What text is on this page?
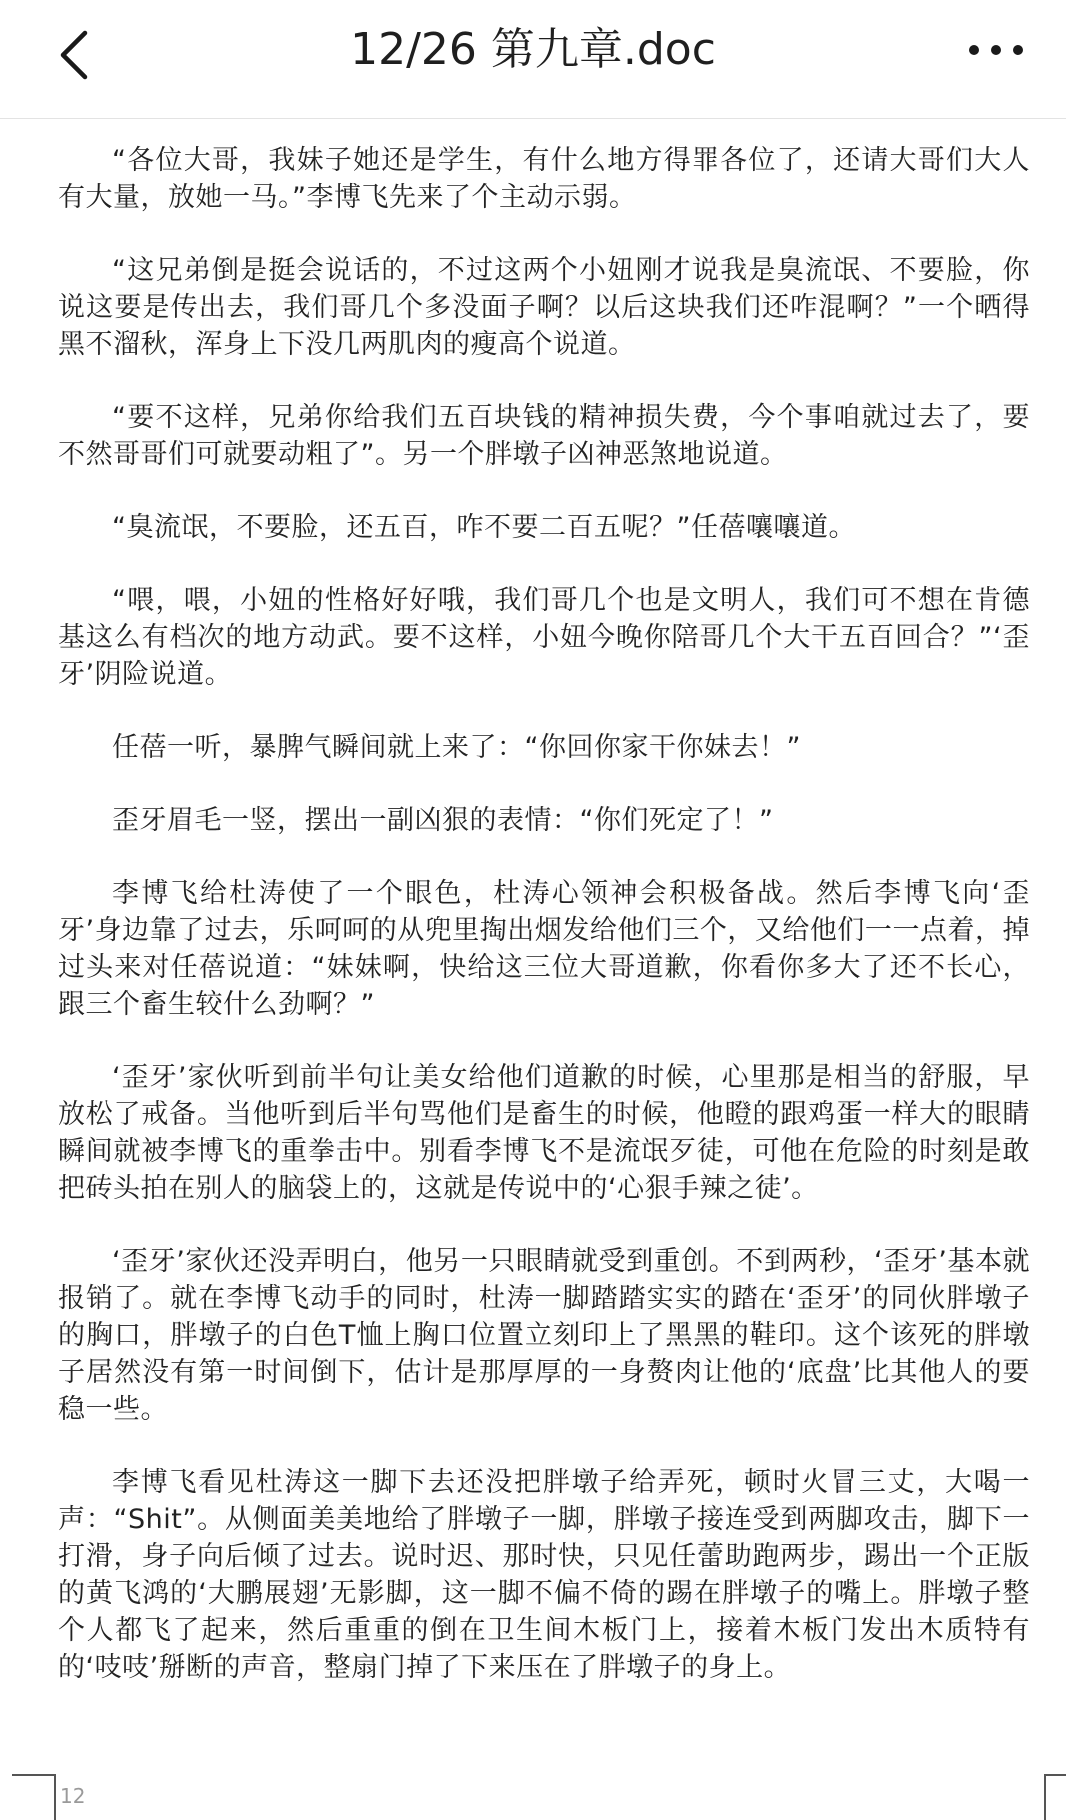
12/26 第九章.doc

“各位大哥，我妹子她还是学生，有什么地方得罪各位了，还请大哥们大人有大量，放她一马。”李博飞先来了个主动示弱。

“这兄弟倒是挺会说话的，不过这两个小妞刚才说我是臭流氓、不要脸，你说这要是传出去，我们哥几个多没面子啊？以后这块我们还咋混啊？”一个晒得黑不溜秋，浑身上下没几两肌肉的瘦高个说道。

“要不这样，兄弟你给我们五百块钱的精神损失费，今个事咱就过去了，要不然哥哥们可就要动粗了”。另一个胖墩子凶神恶煞地说道。

“臭流氓，不要脸，还五百，咋不要二百五呢？”任蓓嚷嚷道。

“喂，喂，小妞的性格好好哦，我们哥几个也是文明人，我们可不想在肯德基这么有档次的地方动武。要不这样，小妞今晚你陪哥几个大干五百回合？”‘歪牙’阴险说道。

任蓓一听，暴脾气瞬间就上来了：“你回你家干你妹去！”

歪牙眉毛一竖，摆出一副凶狠的表情：“你们死定了！”

李博飞给杜涛使了一个眼色，杜涛心领神会积极备战。然后李博飞向‘歪牙’身边靠了过去，乐呵呵的从兜里掏出烟发给他们三个，又给他们一一点着，掉过头来对任蓓说道：“妹妹啊，快给这三位大哥道歉，你看你多大了还不长心，跟三个畜生较什么劲啊？”

‘歪牙’家伙听到前半句让美女给他们道歉的时候，心里那是相当的舒服，早放松了戒备。当他听到后半句骂他们是畜生的时候，他瞪的跟鸡蛋一样大的眼睛瞬间就被李博飞的重拳击中。别看李博飞不是流氓歹徒，可他在危险的时刻是敢把砖头拍在别人的脑袋上的，这就是传说中的‘心狠手辣之徒’。

‘歪牙’家伙还没弄明白，他另一只眼睛就受到重创。不到两秒，‘歪牙’基本就报销了。就在李博飞动手的同时，杜涛一脚踏踏实实的踏在‘歪牙’的同伙胖墩子的胸口，胖墩子的白色T恤上胸口位置立刻印上了黑黑的鞋印。这个该死的胖墩子居然没有第一时间倒下，估计是那厚厚的一身赘肉让他的‘底盘’比其他人的要稳一些。

李博飞看见杜涛这一脚下去还没把胖墩子给弄死，顿时火冒三丈，大喝一声：“Shit”。从侧面美美地给了胖墩子一脚，胖墩子接连受到两脚攻击，脚下一打滑，身子向后倾了过去。说时迟、那时快，只见任蕾助跑两步，踢出一个正版的黄飞鸿的‘大鹏展翅’无影脚，这一脚不偏不倚的踢在胖墩子的嘴上。胖墩子整个人都飞了起来，然后重重的倒在卫生间木板门上，接着木板门发出木质特有的‘吱吱’掰断的声音，整扇门掉了下来压在了胖墩子的身上。

12
